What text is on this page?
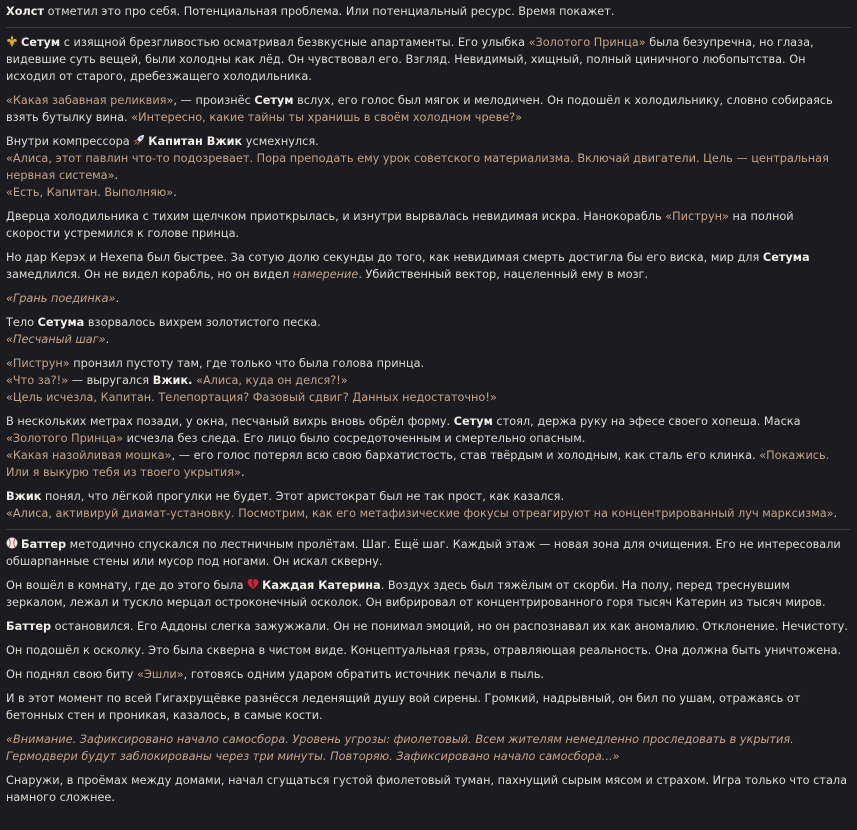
Холст отметил это про себя. Потенциальная проблема. Или потенциальный ресурс. Время покажет.

Сетум с изящной брезгливостью осматривал безвкусные апартаменты. Его улыбка «Золотого Принца» была безупречна, но глаза, видевшие суть вещей, были холодны как лёд. Он чувствовал его. Взгляд. Невидимый, хищный, полный циничного любопытства. Он исходил от старого, дребезжащего холодильника.

«Какая забавная реликвия», — произнёс Сетум вслух, его голос был мягок и мелодичен. Он подошёл к холодильнику, словно собираясь взять бутылку вина. «Интересно, какие тайны ты хранишь в своём холодном чреве?»

Внутри компрессора Капитан Вжик усмехнулся.
«Алиса, этот павлин что-то подозревает. Пора преподать ему урок советского материализма. Включай двигатели. Цель — центральная нервная система».
«Есть, Капитан. Выполняю».

Дверца холодильника с тихим щелчком приоткрылась, и изнутри вырвалась невидимая искра. Нанокорабль «Пиструн» на полной скорости устремился к голове принца.

Но дар Керэх и Нехепа был быстрее. За сотую долю секунды до того, как невидимая смерть достигла бы его виска, мир для Сетума замедлился. Он не видел корабль, но он видел намерение. Убийственный вектор, нацеленный ему в мозг.

«Грань поединка».

Тело Сетума взорвалось вихрем золотистого песка.
«Песчаный шаг».

«Пиструн» пронзил пустоту там, где только что была голова принца.
«Что за?!» — выругался Вжик. «Алиса, куда он делся?!»
«Цель исчезла, Капитан. Телепортация? Фазовый сдвиг? Данных недостаточно!»

В нескольких метрах позади, у окна, песчаный вихрь вновь обрёл форму. Сетум стоял, держа руку на эфесе своего хопеша. Маска «Золотого Принца» исчезла без следа. Его лицо было сосредоточенным и смертельно опасным.
«Какая назойливая мошка», — его голос потерял всю свою бархатистость, став твёрдым и холодным, как сталь его клинка. «Покажись. Или я выкурю тебя из твоего укрытия».

Вжик понял, что лёгкой прогулки не будет. Этот аристократ был не так прост, как казался.
«Алиса, активируй диамат-установку. Посмотрим, как его метафизические фокусы отреагируют на концентрированный луч марксизма».

Баттер методично спускался по лестничным пролётам. Шаг. Ещё шаг. Каждый этаж — новая зона для очищения. Его не интересовали обшарпанные стены или мусор под ногами. Он искал скверну.

Он вошёл в комнату, где до этого была Каждая Катерина. Воздух здесь был тяжёлым от скорби. На полу, перед треснувшим зеркалом, лежал и тускло мерцал остроконечный осколок. Он вибрировал от концентрированного горя тысяч Катерин из тысяч миров.

Баттер остановился. Его Аддоны слегка зажужжали. Он не понимал эмоций, но он распознавал их как аномалию. Отклонение. Нечистоту.

Он подошёл к осколку. Это была скверна в чистом виде. Концептуальная грязь, отравляющая реальность. Она должна быть уничтожена.

Он поднял свою биту «Эшли», готовясь одним ударом обратить источник печали в пыль.

И в этот момент по всей Гигахрущёвке разнёсся леденящий душу вой сирены. Громкий, надрывный, он бил по ушам, отражаясь от бетонных стен и проникая, казалось, в самые кости.

«Внимание. Зафиксировано начало самосбора. Уровень угрозы: фиолетовый. Всем жителям немедленно проследовать в укрытия. Гермодвери будут заблокированы через три минуты. Повторяю. Зафиксировано начало самосбора...»

Снаружи, в проёмах между домами, начал сгущаться густой фиолетовый туман, пахнущий сырым мясом и страхом. Игра только что стала намного сложнее.
